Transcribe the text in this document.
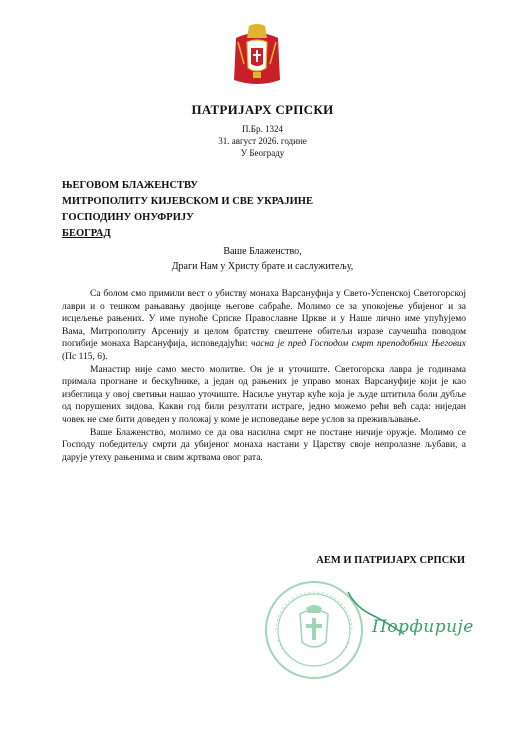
ПАТРИЈАРХ СРПСКИ
П.Бр. 1324
31. август 2026. године
У Београду
ЊЕГОВОМ БЛАЖЕНСТВУ
МИТРОПОЛИТУ КИЈЕВСКОМ И СВЕ УКРАЈИНЕ
ГОСПОДИНУ ОНУФРИЈУ
БЕОГРАД
Ваше Блаженство,
Драги Нам у Христу брате и саслужитељу,

Са болом смо примили вест о убиству монаха Варсануфија у Свето-Успенској Светогорској лаври и о тешком рањавању двојице његове сабраће. Молимо се за упокојење убијеног и за исцељење рањених. У име пуноће Српске Православне Цркве и у Наше лично име упућујемо Вама, Митрополиту Арсенију и целом братству свештене обитељи изразе саучешћа поводом погибије монаха Варсануфија, исповедајући: часна је пред Господом смрт преподобних Његових (Пс 115, 6).

Манастир није само место молитве. Он је и уточиште. Светогорска лавра је годинама примала прогнане и бескућнике, а један од рањених је управо монах Варсануфије који је као избеглица у овој светињи нашао уточиште. Насиље унутар куће која је људе штитила боли дубље од порушених зидова. Какви год били резултати истраге, једно можемо рећи већ сада: ниједан човек не сме бити доведен у положај у коме је исповедање вере услов за преживљавање.

Ваше Блаженство, молимо се да ова насилна смрт не постане ничије оружје. Молимо се Господу победитељу смрти да убијеног монаха настани у Царству своје непролазне љубави, а дарује утеху рањенима и свим жртвама овог рата.

АЕМ И ПАТРИЈАРХ СРПСКИ
Порфирије
